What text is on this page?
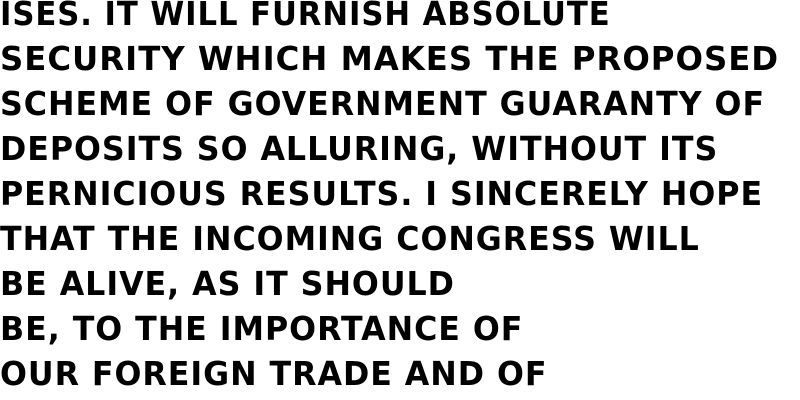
ISES. IT WILL FURNISH ABSOLUTE
SECURITY WHICH MAKES THE PROPOSED
SCHEME OF GOVERNMENT GUARANTY OF
DEPOSITS SO ALLURING, WITHOUT ITS
PERNICIOUS RESULTS. I SINCERELY HOPE
THAT THE INCOMING CONGRESS WILL
BE ALIVE, AS IT SHOULD
BE, TO THE IMPORTANCE OF
OUR FOREIGN TRADE AND OF
